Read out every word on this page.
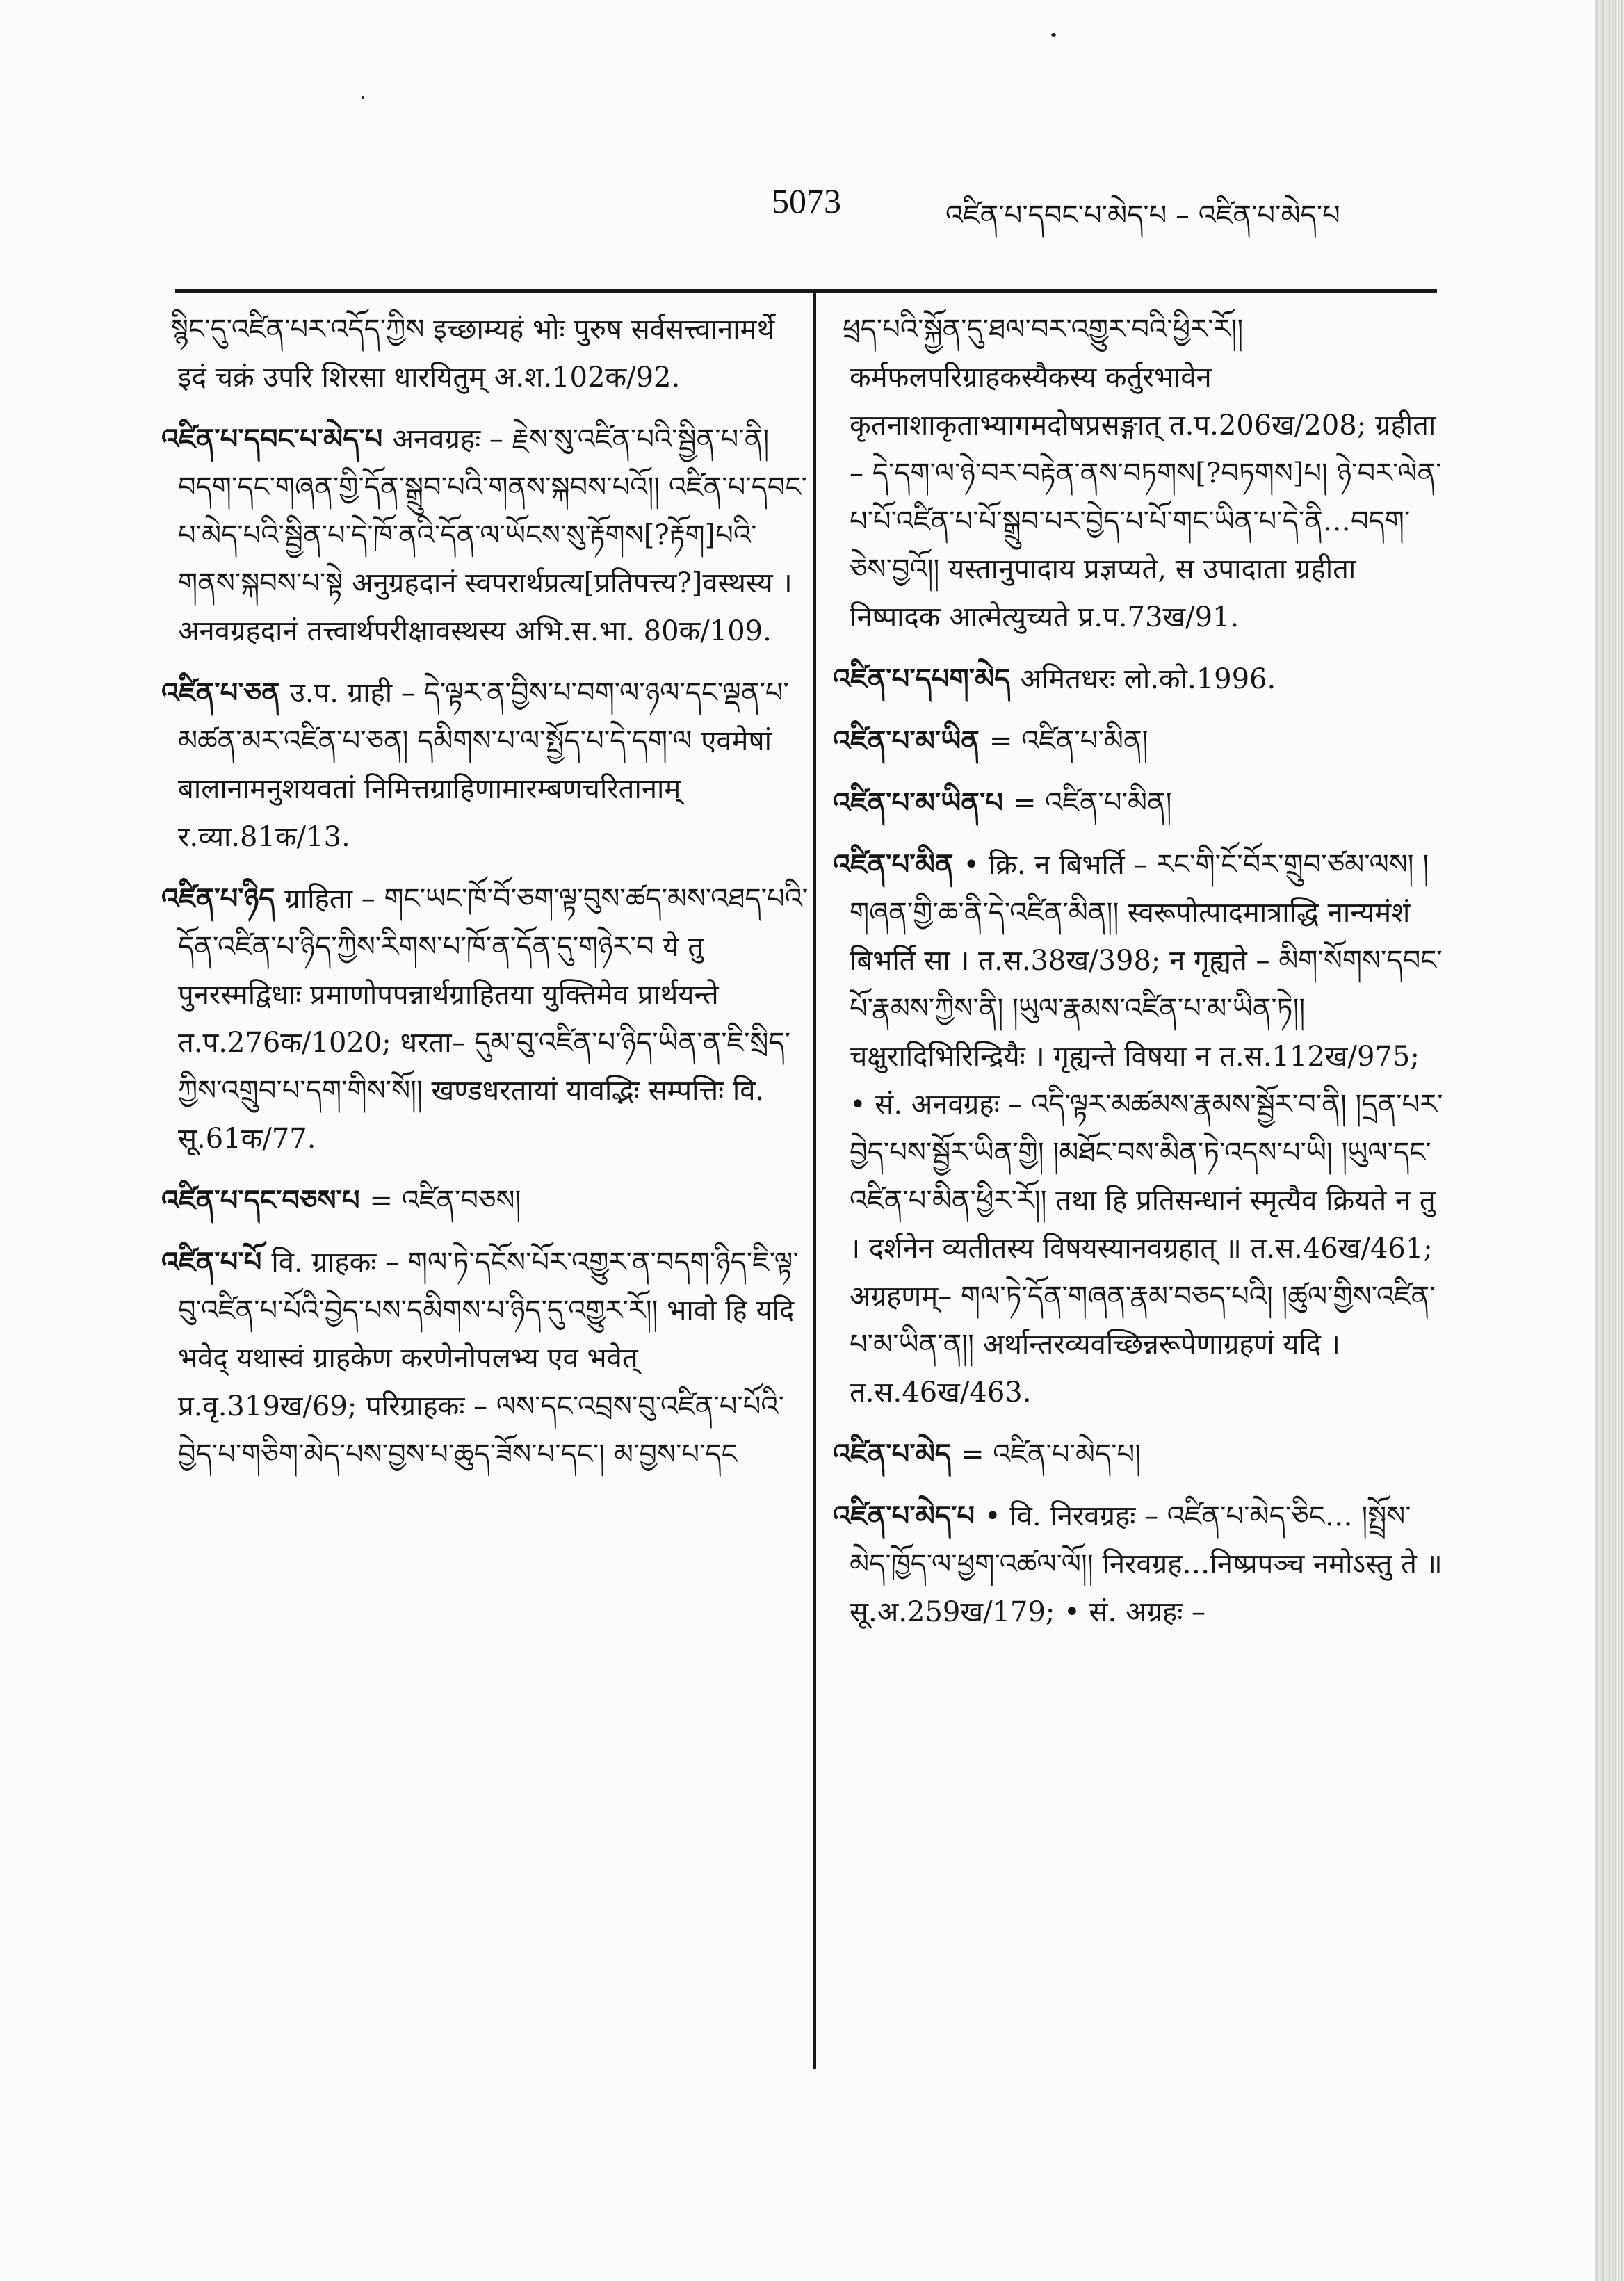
5073	འཛིན་པ་དབང་པ་མེད་པ – འཛིན་པ་མེད་པ
སྙིང་དུ་འཛིན་པར་འདོད་ཀྱིས इच्छाम्यहं भोः पुरुष सर्वसत्त्वानामर्थे इदं चक्रं उपरि शिरसा धारयितुम् अ.श.102क/92.
འཛིན་པ་དབང་པ་མེད་པ अनवग्रहः – རྗེས་སུ་འཛིན་པའི་སྦྱིན་པ་ནི། བདག་དང་གཞན་གྱི་དོན་སྒྲུབ་པའི་གནས་སྐབས་པའོ།། འཛིན་པ་དབང་པ་མེད་པའི་སྦྱིན་པ་དེ་ཁོ་ནའི་དོན་ལ་ཡོངས་སུ་རྟོགས[?རྟོག]པའི་གནས་སྐབས་པ་སྟེ अनुग्रहदानं स्वपरार्थप्रत्य[प्रतिपत्त्य?]वस्थस्य । अनवग्रहदानं तत्त्वार्थपरीक्षावस्थस्य अभि.स.भा. 80क/109.
འཛིན་པ་ཅན उ.प. ग्राही – དེ་ལྟར་ན་བྱིས་པ་བག་ལ་ཉལ་དང་ལྡན་པ་མཚན་མར་འཛིན་པ་ཅན། དམིགས་པ་ལ་སྤྱོད་པ་དེ་དག་ལ एवमेषां बालानामनुशयवतां निमित्तग्राहिणामारम्बणचरितानाम् र.व्या.81क/13.
འཛིན་པ་ཉིད ग्राहिता – གང་ཡང་ཁོ་བོ་ཅག་ལྟ་བུས་ཚད་མས་འཐད་པའི་དོན་འཛིན་པ་ཉིད་ཀྱིས་རིགས་པ་ཁོ་ན་དོན་དུ་གཉེར་བ ये तु पुनरस्मद्विधाः प्रमाणोपपन्नार्थग्राहितया युक्तिमेव प्रार्थयन्ते त.प.276क/1020; धरता– དུམ་བུ་འཛིན་པ་ཉིད་ཡིན་ན་ཇི་སྲིད་ཀྱིས་འགྲུབ་པ་དག་གིས་སོ།། खण्डधरतायां यावद्भिः सम्पत्तिः वि. सू.61क/77.
འཛིན་པ་དང་བཅས་པ = འཛིན་བཅས།
འཛིན་པ་པོ वि. ग्राहकः – གལ་ཏེ་དངོས་པོར་འགྱུར་ན་བདག་ཉིད་ཇི་ལྟ་བུ་འཛིན་པ་པོའི་བྱེད་པས་དམིགས་པ་ཉིད་དུ་འགྱུར་རོ།། भावो हि यदि भवेद् यथास्वं ग्राहकेण करणेनोपलभ्य एव भवेत् प्र.वृ.319ख/69; परिग्राहकः – ལས་དང་འབྲས་བུ་འཛིན་པ་པོའི་བྱེད་པ་གཅིག་མེད་པས་བྱས་པ་ཆུད་ཟོས་པ་དང་། མ་བྱས་པ་དང
ཕྲད་པའི་སྐྱོན་དུ་ཐལ་བར་འགྱུར་བའི་ཕྱིར་རོ།། कर्मफलपरिग्राहकस्यैकस्य कर्तुरभावेन कृतनाशाकृताभ्यागमदोषप्रसङ्गात् त.प.206ख/208; ग्रहीता – དེ་དག་ལ་ཉེ་བར་བརྟེན་ནས་བཏགས[?བཏགས]པ། ཉེ་བར་ལེན་པ་པོ་འཛིན་པ་པོ་སྒྲུབ་པར་བྱེད་པ་པོ་གང་ཡིན་པ་དེ་ནི…བདག་ཅེས་བྱའོ།། यस्तानुपादाय प्रज्ञप्यते, स उपादाता ग्रहीता निष्पादक आत्मेत्युच्यते प्र.प.73ख/91.
འཛིན་པ་དཔག་མེད अमितधरः लो.को.1996.
འཛིན་པ་མ་ཡིན = འཛིན་པ་མིན།
འཛིན་པ་མ་ཡིན་པ = འཛིན་པ་མིན།
འཛིན་པ་མིན • क्रि. न बिभर्ति – རང་གི་ངོ་བོར་གྲུབ་ཙམ་ལས། །གཞན་གྱི་ཆ་ནི་དེ་འཛིན་མིན།། स्वरूपोत्पादमात्राद्धि नान्यमंशं बिभर्ति सा । त.स.38ख/398; न गृह्यते – མིག་སོགས་དབང་པོ་རྣམས་ཀྱིས་ནི། །ཡུལ་རྣམས་འཛིན་པ་མ་ཡིན་ཏེ།། चक्षुरादिभिरिन्द्रियैः । गृह्यन्ते विषया न त.स.112ख/975; • सं. अनवग्रहः – འདི་ལྟར་མཚམས་རྣམས་སྦྱོར་བ་ནི། །དྲན་པར་བྱེད་པས་སྦྱོར་ཡིན་གྱི། །མཐོང་བས་མིན་ཏེ་འདས་པ་ཡི། །ཡུལ་དང་འཛིན་པ་མིན་ཕྱིར་རོ།། तथा हि प्रतिसन्धानं स्मृत्यैव क्रियते न तु । दर्शनेन व्यतीतस्य विषयस्यानवग्रहात् ॥ त.स.46ख/461; अग्रहणम्– གལ་ཏེ་དོན་གཞན་རྣམ་བཅད་པའི། །ཚུལ་གྱིས་འཛིན་པ་མ་ཡིན་ན།། अर्थान्तरव्यवच्छिन्नरूपेणाग्रहणं यदि । त.स.46ख/463.
འཛིན་པ་མེད = འཛིན་པ་མེད་པ།
འཛིན་པ་མེད་པ • वि. निरवग्रहः – འཛིན་པ་མེད་ཅིང… །སྤྲོས་མེད་ཁྱོད་ལ་ཕྱག་འཚལ་ལོ།། निरवग्रह…निष्प्रपञ्च नमोऽस्तु ते ॥ सू.अ.259ख/179; • सं. अग्रहः –
